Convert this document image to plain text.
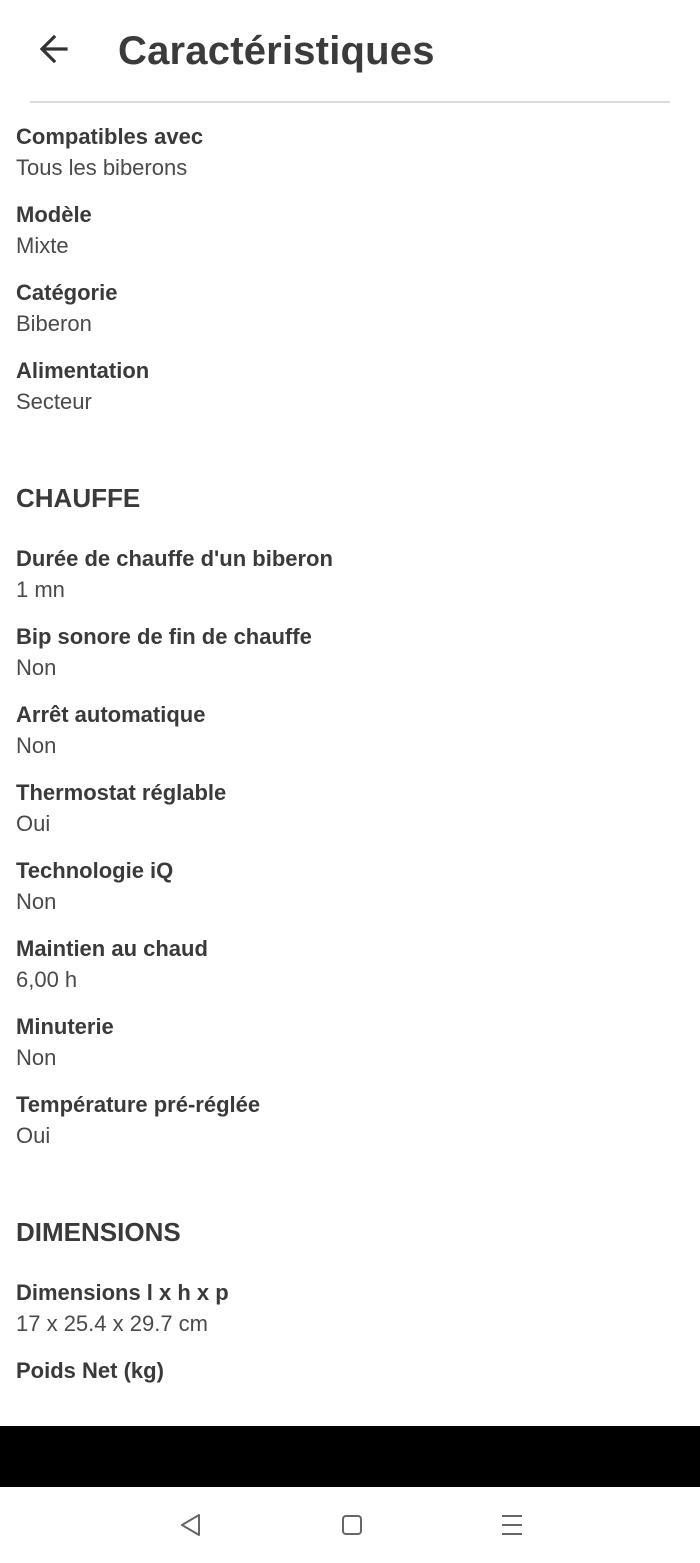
Caractéristiques
Compatibles avec
Tous les biberons
Modèle
Mixte
Catégorie
Biberon
Alimentation
Secteur
CHAUFFE
Durée de chauffe d'un biberon
1 mn
Bip sonore de fin de chauffe
Non
Arrêt automatique
Non
Thermostat réglable
Oui
Technologie iQ
Non
Maintien au chaud
6,00 h
Minuterie
Non
Température pré-réglée
Oui
DIMENSIONS
Dimensions l x h x p
17 x 25.4 x 29.7 cm
Poids Net (kg)
